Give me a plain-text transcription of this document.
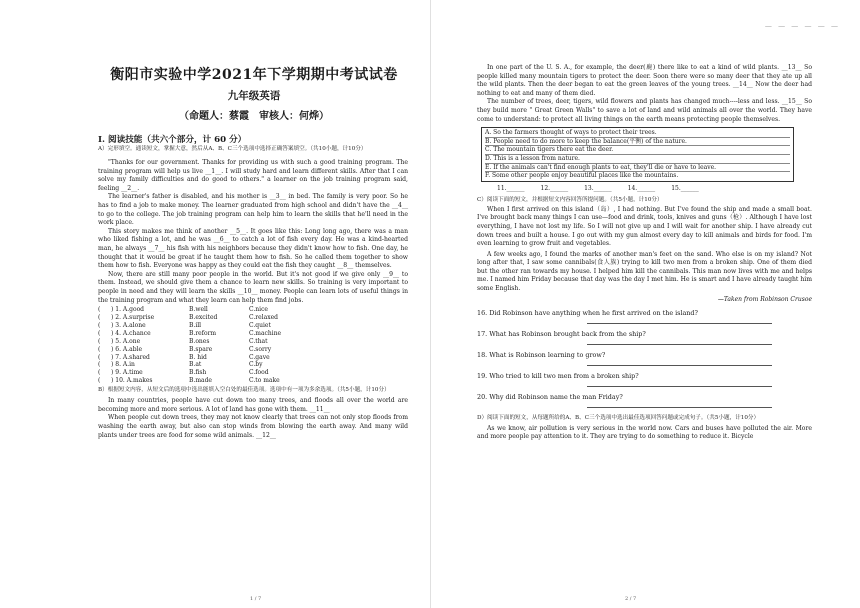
衡阳市实验中学2021年下学期期中考试试卷
九年级英语
（命题人：蔡霞　审核人：何烨）
I. 阅读技能（共六个部分，计 60 分）

A）完形填空。通读短文，掌握大意，然后从A、B、C三个选项中选择正确答案填空。（共10小题，计10分）

"Thanks for our government. Thanks for providing us with such a good training program. The training program will help us live __1__. I will study hard and learn different skills. After that I can solve my family difficulties and do good to others." a learner on the job training program said, feeling __2__.

The learner's father is disabled, and his mother is __3__ in bed. The family is very poor. So he has to find a job to make money. The learner graduated from high school and didn't have the __4__ to go to the college. The job training program can help him to learn the skills that he'll need in the work place.

This story makes me think of another __5__. It goes like this: Long long ago, there was a man who liked fishing a lot, and he was __6__ to catch a lot of fish every day. He was a kind-hearted man, he always __7__ his fish with his neighbors because they didn't know how to fish. One day, he thought that it would be great if he taught them how to fish. So he called them together to show them how to fish. Everyone was happy as they could eat the fish they caught __8__ themselves.

Now, there are still many poor people in the world. But it's not good if we give only __9__ to them. Instead, we should give them a chance to learn new skills. So training is very important to people in need and they will learn the skills __10__ money. People can learn lots of useful things in the training program and what they learn can help them find jobs.

(	) 1. A.good	B.well	C.nice
(	) 2. A.surprise	B.excited	C.relaxed
(	) 3. A.alone	B.ill	C.quiet
(	) 4. A.chance	B.reform	C.machine
(	) 5. A.one	B.ones	C.that
(	) 6. A.able	B.spare	C.sorry
(	) 7. A.shared	B. hid	C.gave
(	) 8. A.in	B.at	C.by
(	) 9. A.time	B.fish	C.food
(	) 10. A.makes	B.made	C.to make

B）根据短文内容，从短文后的选项中选出能填入空白处的最佳选项。选项中有一项为多余选项。（共5小题，计10分）

In many countries, people have cut down too many trees, and floods all over the world are becoming more and more serious. A lot of land has gone with them. __11__

When people cut down trees, they may not know clearly that trees can not only stop floods from washing the earth away, but also can stop winds from blowing the earth away. And many wild plants under trees are food for some wild animals. __12__

1 / 7
— — — — — —

In one part of the U. S. A., for example, the deer(鹿) there like to eat a kind of wild plants. __13__ So people killed many mountain tigers to protect the deer. Soon there were so many deer that they ate up all the wild plants. Then the deer began to eat the green leaves of the young trees. __14__ Now the deer had nothing to eat and many of them died.

The number of trees, deer, tigers, wild flowers and plants has changed much----less and less. __15__ So they build more " Great Green Walls" to save a lot of land and wild animals all over the world. They have come to understand: to protect all living things on the earth means protecting people themselves.

A. So the farmers thought of ways to protect their trees.
B. People need to do more to keep the balance(平衡) of the nature.
C. The mountain tigers there eat the deer.
D. This is a lesson from nature.
E. If the animals can't find enough plants to eat, they'll die or have to leave.
F. Some other people enjoy beautiful places like the mountains.
11.______	12.______	13.______	14.______	15.______

C）阅读下面的短文，并根据短文内容回答所提问题。（共5小题，计10分）

When I first arrived on this island（岛）, I had nothing. But I've found the ship and made a small boat. I've brought back many things I can use—food and drink, tools, knives and guns（枪）. Although I have lost everything, I have not lost my life. So I will not give up and I will wait for another ship. I have already cut down trees and built a house. I go out with my gun almost every day to kill animals and birds for food. I'm even learning to grow fruit and vegetables.

A few weeks ago, I found the marks of another man's feet on the sand. Who else is on my island? Not long after that, I saw some cannibals(食人族) trying to kill two men from a broken ship. One of them died but the other ran towards my house. I helped him kill the cannibals. This man now lives with me and helps me. I named him Friday because that day was the day I met him. He is smart and I have already taught him some English.

—Taken from Robinson Crusoe
16. Did Robinson have anything when he first arrived on the island?
17. What has Robinson brought back from the ship?
18. What is Robinson learning to grow?
19. Who tried to kill two men from a broken ship?
20. Why did Robinson name the man Friday?

D）阅读下面的短文，从每题所给的A、B、C三个选项中选出最佳选项回答问题或完成句子。（共5小题，计10分）

As we know, air pollution is very serious in the world now. Cars and buses have polluted the air. More and more people pay attention to it. They are trying to do something to reduce it. Bicycle

2 / 7
